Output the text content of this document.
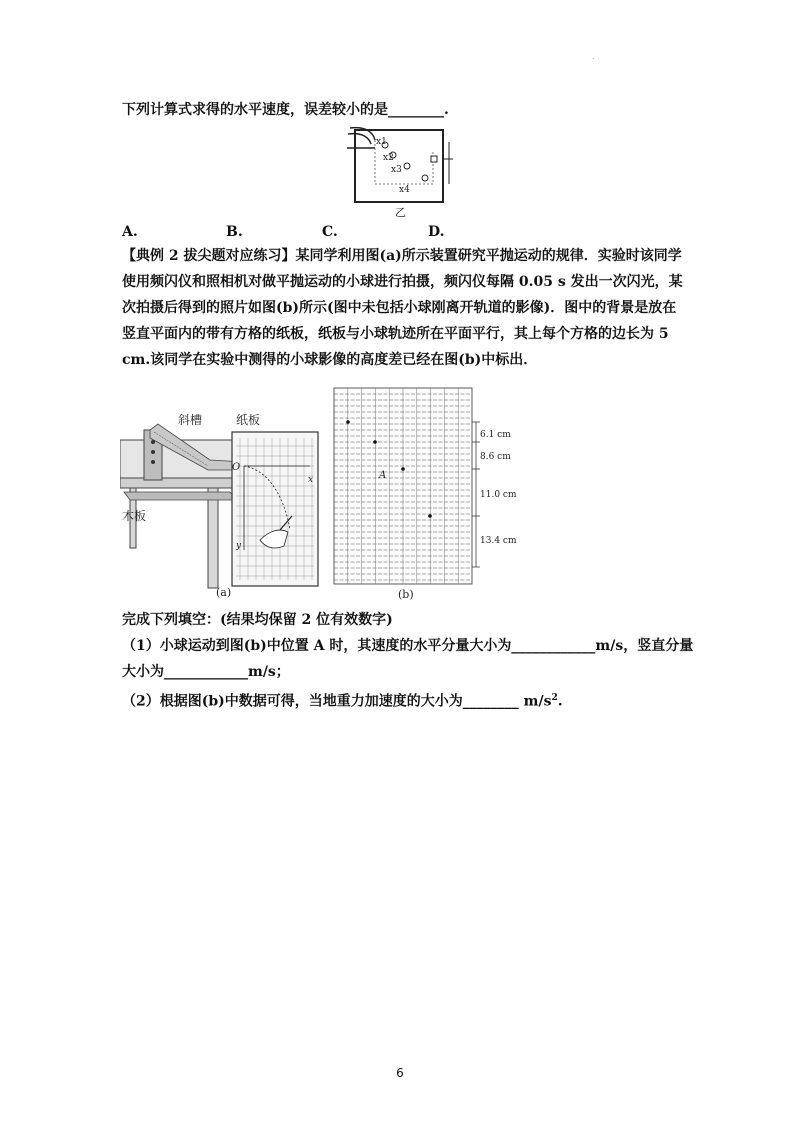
.
下列计算式求得的水平速度，误差较小的是________.
x1
x2
x3
x4
乙
A.	B.	C.	D.
【典例 2 拔尖题对应练习】某同学利用图(a)所示装置研究平抛运动的规律．实验时该同学
使用频闪仪和照相机对做平抛运动的小球进行拍摄，频闪仪每隔 0.05 s 发出一次闪光，某
次拍摄后得到的照片如图(b)所示(图中未包括小球刚离开轨道的影像)．图中的背景是放在
竖直平面内的带有方格的纸板，纸板与小球轨迹所在平面平行，其上每个方格的边长为 5
cm.该同学在实验中测得的小球影像的高度差已经在图(b)中标出．
斜槽	纸板
木板
O
x
y
(a)
A
6.1 cm
8.6 cm
11.0 cm
13.4 cm
(b)
完成下列填空：(结果均保留 2 位有效数字)
（1）小球运动到图(b)中位置 A 时，其速度的水平分量大小为____________m/s，竖直分量
大小为____________m/s；
（2）根据图(b)中数据可得，当地重力加速度的大小为________ $m/s^2$.
6
